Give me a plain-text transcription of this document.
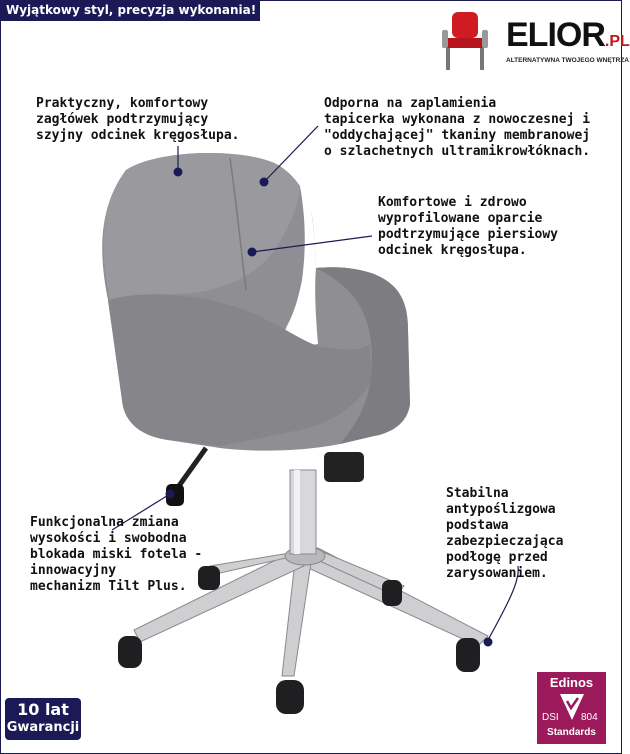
Wyjątkowy styl, precyzja wykonania!
ELIOR.PL
ALTERNATYWNA TWOJEGO WNĘTRZA
Praktyczny, komfortowy
zagłówek podtrzymujący
szyjny odcinek kręgosłupa.
Odporna na zaplamienia
tapicerka wykonana z nowoczesnej i
"oddychającej" tkaniny membranowej
o szlachetnych ultramikrowłóknach.
Komfortowe i zdrowo
wyprofilowane oparcie
podtrzymujące piersiowy
odcinek kręgosłupa.
Funkcjonalna zmiana
wysokości i swobodna
blokada miski fotela -
innowacyjny
mechanizm Tilt Plus.
Stabilna
antypoślizgowa
podstawa
zabezpieczająca
podłogę przed
zarysowaniem.
10 lat
Gwarancji
Edinos
DSI 804
Standards
